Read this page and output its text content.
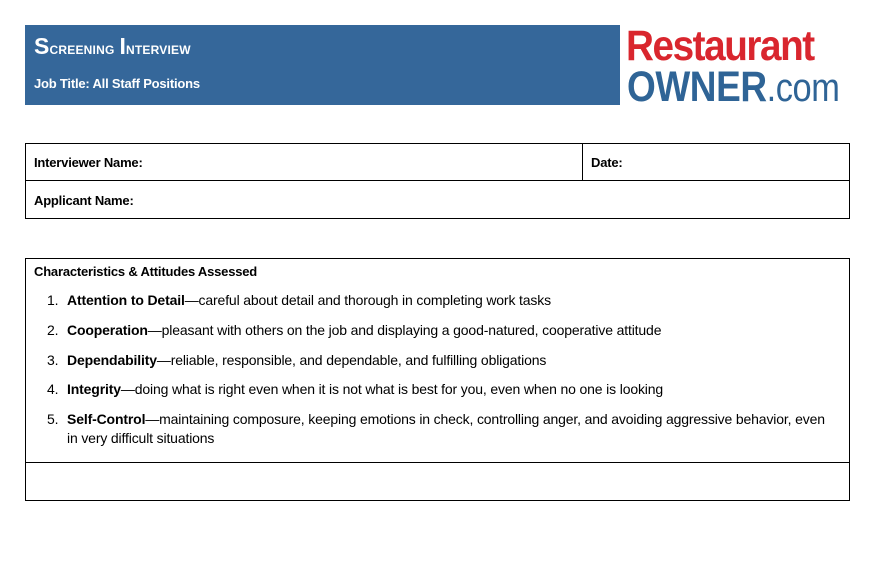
Screening Interview
Job Title: All Staff Positions
Restaurant
OWNER.com
Interviewer Name:	Date:
Applicant Name:
Characteristics & Attitudes Assessed
1. Attention to Detail—careful about detail and thorough in completing work tasks
2. Cooperation—pleasant with others on the job and displaying a good-natured, cooperative attitude
3. Dependability—reliable, responsible, and dependable, and fulfilling obligations
4. Integrity—doing what is right even when it is not what is best for you, even when no one is looking
5. Self-Control—maintaining composure, keeping emotions in check, controlling anger, and avoiding aggressive behavior, even in very difficult situations
